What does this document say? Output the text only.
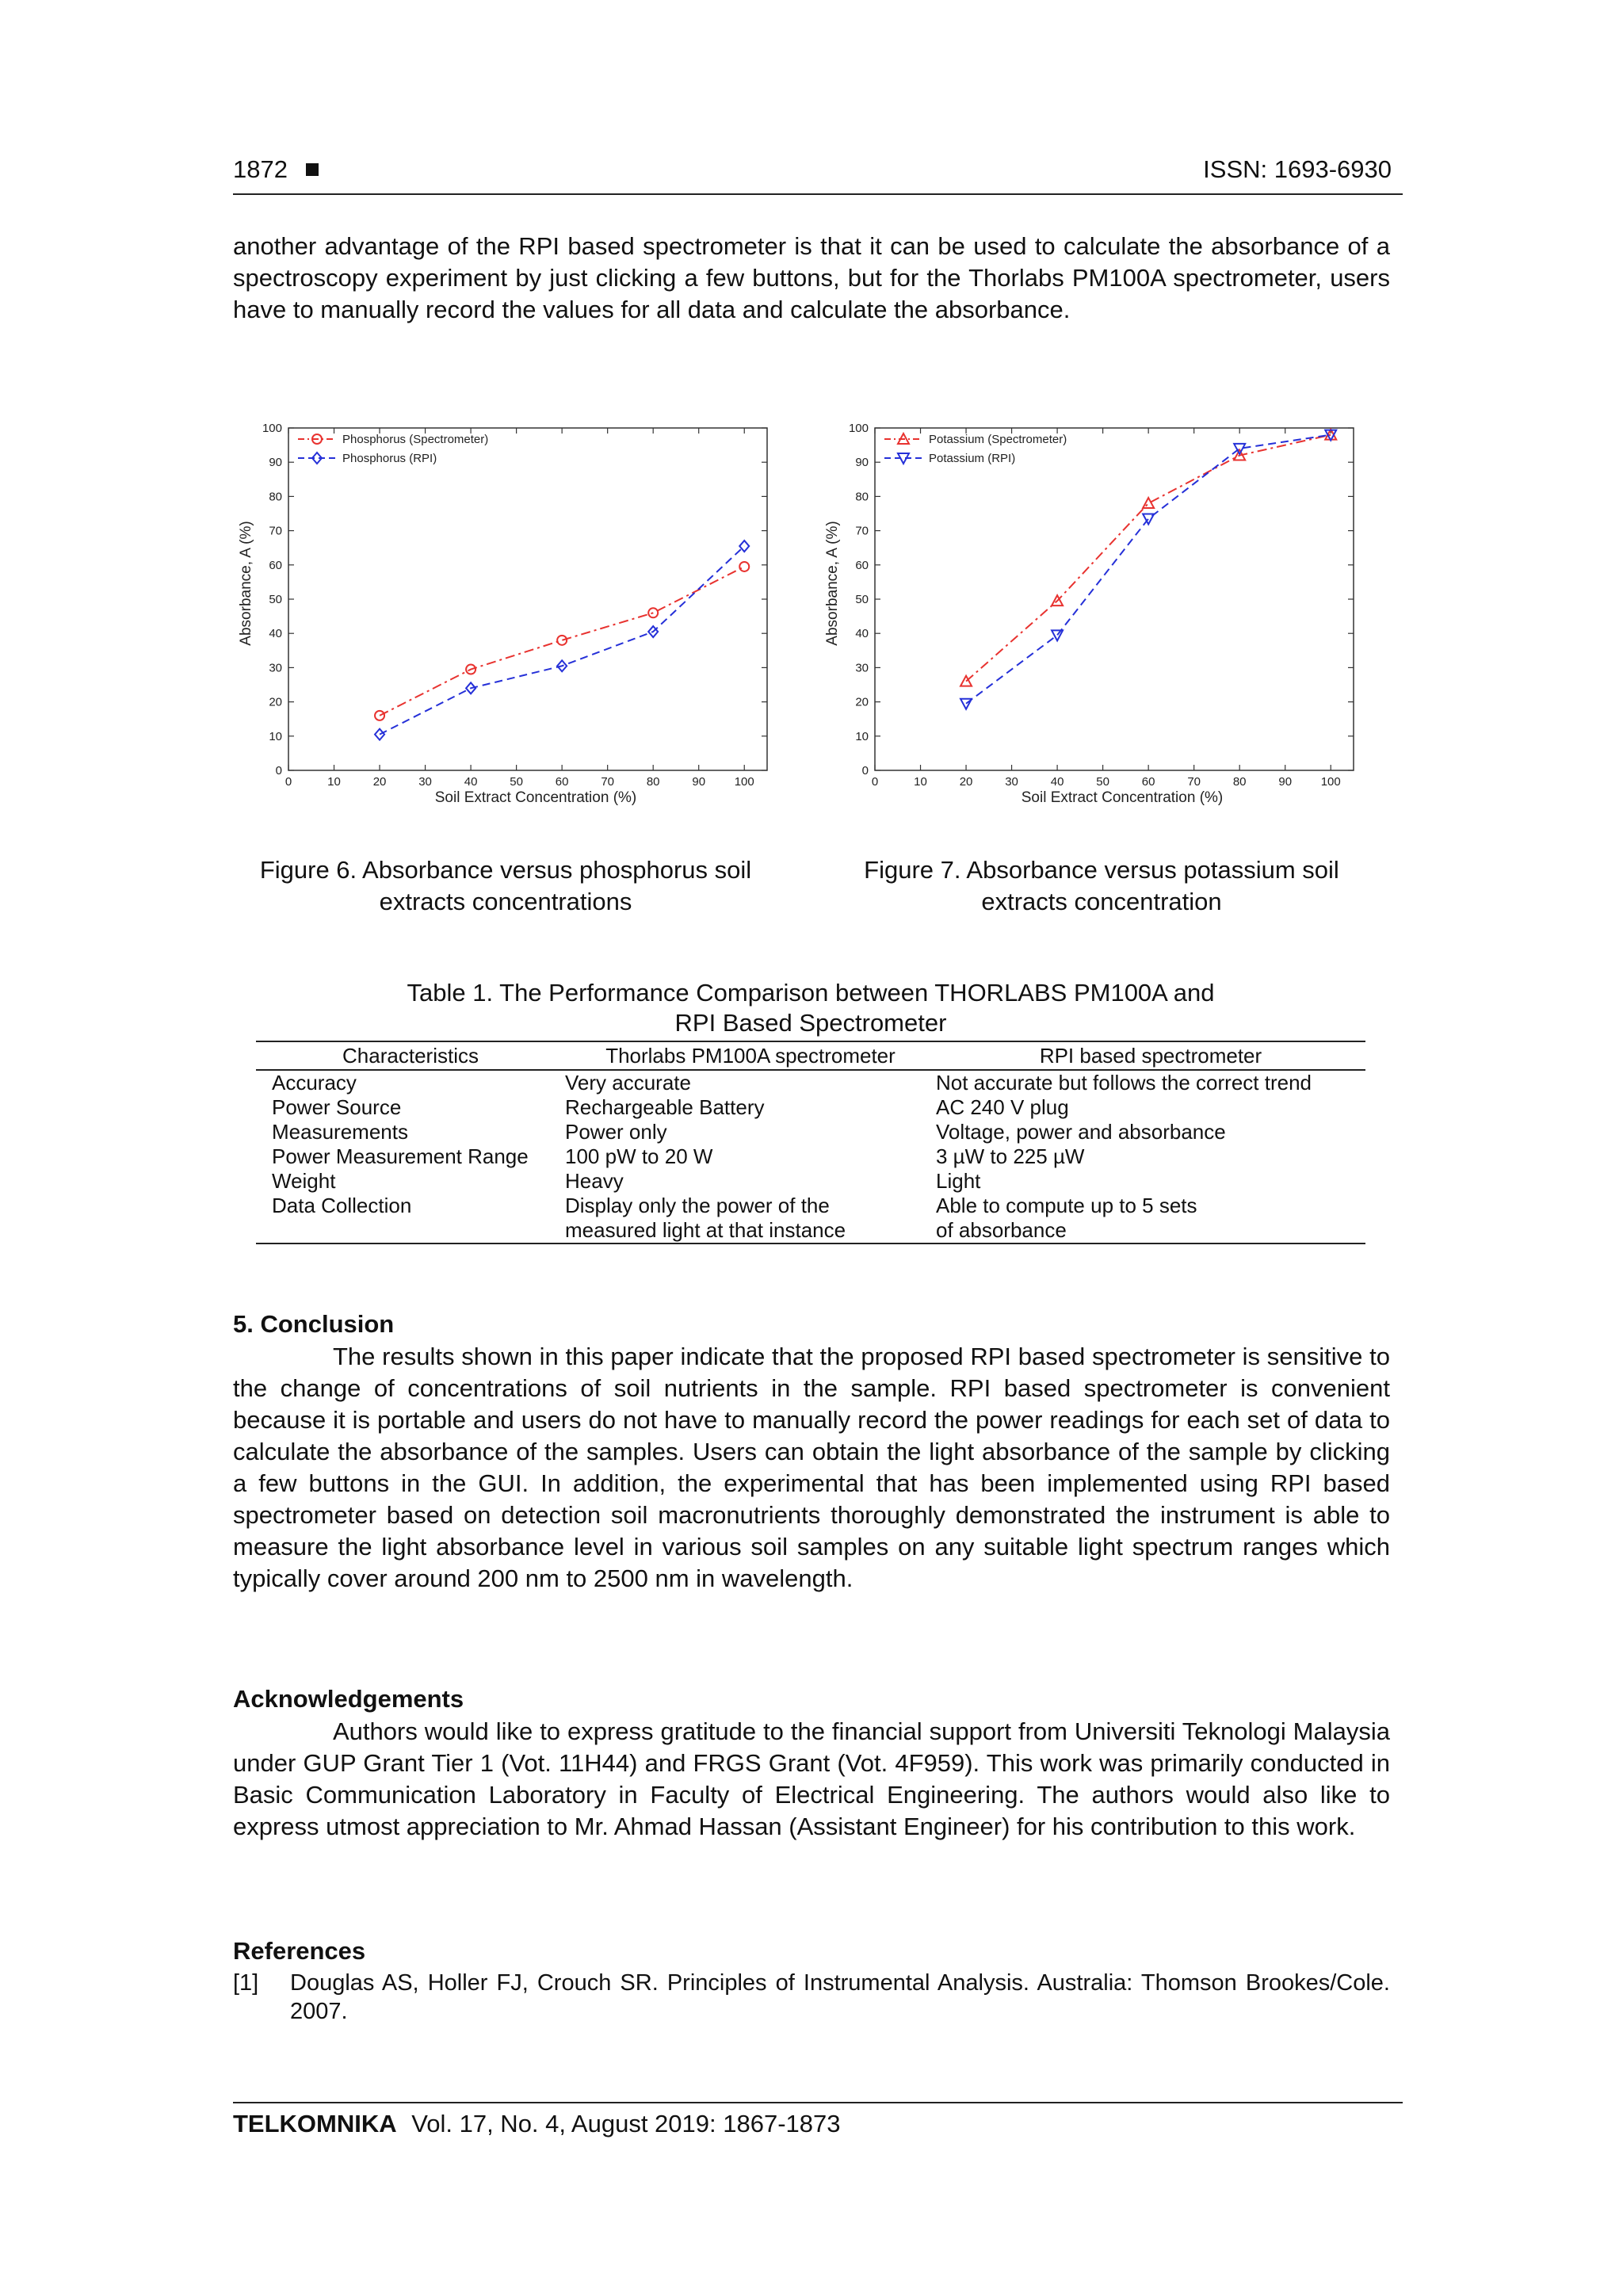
1872	ISSN: 1693-6930

another advantage of the RPI based spectrometer is that it can be used to calculate the absorbance of a spectroscopy experiment by just clicking a few buttons, but for the Thorlabs PM100A spectrometer, users have to manually record the values for all data and calculate the absorbance.

0	10	20	30	40	50	60	70	80	90 100
0
10
20
30
40
50
60
70
80
90
100
Soil Extract Concentration (%)
Absorbance, A (%)
Phosphorus (Spectrometer)
Phosphorus (RPI)
Figure 6. Absorbance versus phosphorus soil
extracts concentrations
0	10	20	30	40	50	60	70	80	90 100
0
10
20
30
40
50
60
70
80
90
100
Soil Extract Concentration (%)
Absorbance, A (%)
Potassium (Spectrometer)
Potassium (RPI)
Figure 7. Absorbance versus potassium soil
extracts concentration
Table 1. The Performance Comparison between THORLABS PM100A and
RPI Based Spectrometer
Characteristics	Thorlabs PM100A spectrometer	RPI based spectrometer
Accuracy	Very accurate	Not accurate but follows the correct trend
Power Source	Rechargeable Battery	AC 240 V plug
Measurements	Power only	Voltage, power and absorbance
Power Measurement Range	100 pW to 20 W	3 µW to 225 µW
Weight	Heavy	Light
Data Collection	Display only the power of the measured light at that instance	Able to compute up to 5 sets of absorbance
5. Conclusion

The results shown in this paper indicate that the proposed RPI based spectrometer is sensitive to the change of concentrations of soil nutrients in the sample. RPI based spectrometer is convenient because it is portable and users do not have to manually record the power readings for each set of data to calculate the absorbance of the samples. Users can obtain the light absorbance of the sample by clicking a few buttons in the GUI. In addition, the experimental that has been implemented using RPI based spectrometer based on detection soil macronutrients thoroughly demonstrated the instrument is able to measure the light absorbance level in various soil samples on any suitable light spectrum ranges which typically cover around 200 nm to 2500 nm in wavelength.

Acknowledgements

Authors would like to express gratitude to the financial support from Universiti Teknologi Malaysia under GUP Grant Tier 1 (Vot. 11H44) and FRGS Grant (Vot. 4F959). This work was primarily conducted in Basic Communication Laboratory in Faculty of Electrical Engineering. The authors would also like to express utmost appreciation to Mr. Ahmad Hassan (Assistant Engineer) for his contribution to this work.

References
[1] Douglas AS, Holler FJ, Crouch SR. Principles of Instrumental Analysis. Australia: Thomson Brookes/Cole. 2007.
TELKOMNIKA Vol. 17, No. 4, August 2019: 1867-1873
